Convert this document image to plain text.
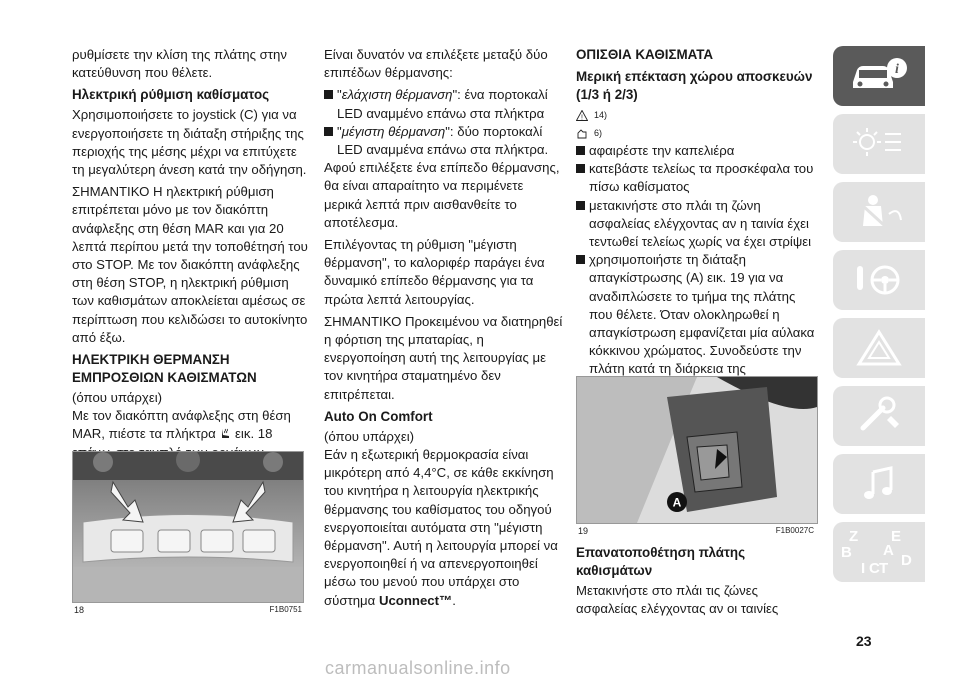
ρυθμίσετε την κλίση της πλάτης στην κατεύθυνση που θέλετε.

Ηλεκτρική ρύθμιση καθίσματος

Χρησιμοποιήσετε το joystick (C) για να ενεργοποιήσετε τη διάταξη στήριξης της περιοχής της μέσης μέχρι να επιτύχετε τη μεγαλύτερη άνεση κατά την οδήγηση.

ΣΗΜΑΝΤΙΚΟ Η ηλεκτρική ρύθμιση επιτρέπεται μόνο με τον διακόπτη ανάφλεξης στη θέση MAR και για 20 λεπτά περίπου μετά την τοποθέτησή του στο STOP. Με τον διακόπτη ανάφλεξης στη θέση STOP, η ηλεκτρική ρύθμιση των καθισμάτων αποκλείεται αμέσως σε περίπτωση που κελιδώσει το αυτοκίνητο από έξω.

ΗΛΕΚΤΡΙΚΗ ΘΕΡΜΑΝΣΗ ΕΜΠΡΟΣΘΙΩΝ ΚΑΘΙΣΜΑΤΩΝ

(όπου υπάρχει)

Με τον διακόπτη ανάφλεξης στη θέση MAR, πιέστε τα πλήκτρα εικ. 18

18	F1B0751

Είναι δυνατόν να επιλέξετε μεταξύ δύο επιπέδων θέρμανσης:

"ελάχιστη θέρμανση": ένα πορτοκαλί LED αναμμένο επάνω στα πλήκτρα
"μέγιστη θέρμανση": δύο πορτοκαλί LED αναμμένα επάνω στα πλήκτρα.

Αφού επιλέξετε ένα επίπεδο θέρμανσης, θα είναι απαραίτητο να περιμένετε μερικά λεπτά πριν αισθανθείτε το αποτέλεσμα.

Επιλέγοντας τη ρύθμιση "μέγιστη θέρμανση", το καλοριφέρ παράγει ένα δυναμικό επίπεδο θέρμανσης για τα πρώτα λεπτά λειτουργίας.

ΣΗΜΑΝΤΙΚΟ Προκειμένου να διατηρηθεί η φόρτιση της μπαταρίας, η ενεργοποίηση αυτή της λειτουργίας με τον κινητήρα σταματημένο δεν επιτρέπεται.

Auto On Comfort

(όπου υπάρχει)

Εάν η εξωτερική θερμοκρασία είναι μικρότερη από 4,4°C, σε κάθε εκκίνηση του κινητήρα η λειτουργία ηλεκτρικής θέρμανσης του καθίσματος του οδηγού ενεργοποιείται αυτόματα στη "μέγιστη θέρμανση". Αυτή η λειτουργία μπορεί να ενεργοποιηθεί ή να απενεργοποιηθεί μέσω του μενού που υπάρχει στο σύστημα Uconnect™.

ΟΠΙΣΘΙΑ ΚΑΘΙΣΜΑΤΑ
Μερική επέκταση χώρου αποσκευών (1/3 ή 2/3)
! 14)
6)
αφαιρέστε την καπελιέρα
κατεβάστε τελείως τα προσκέφαλα του πίσω καθίσματος
μετακινήστε στο πλάι τη ζώνη ασφαλείας ελέγχοντας αν η ταινία έχει τεντωθεί τελείως χωρίς να έχει στρίψει
χρησιμοποιήστε τη διάταξη απαγκίστρωσης (A) εικ. 19 για να αναδιπλώσετε το τμήμα της πλάτης που θέλετε. Όταν ολοκληρωθεί η απαγκίστρωση εμφανίζεται μία αύλακα κόκκινου χρώματος. Συνοδεύστε την πλάτη κατά τη διάρκεια της
A
19	F1B0027C
Επανατοποθέτηση πλάτης καθισμάτων

Μετακινήστε στο πλάι τις ζώνες ασφαλείας ελέγχοντας αν οι ταινίες

i
Z E
B A
I C T D
23
carmanualsonline.info
